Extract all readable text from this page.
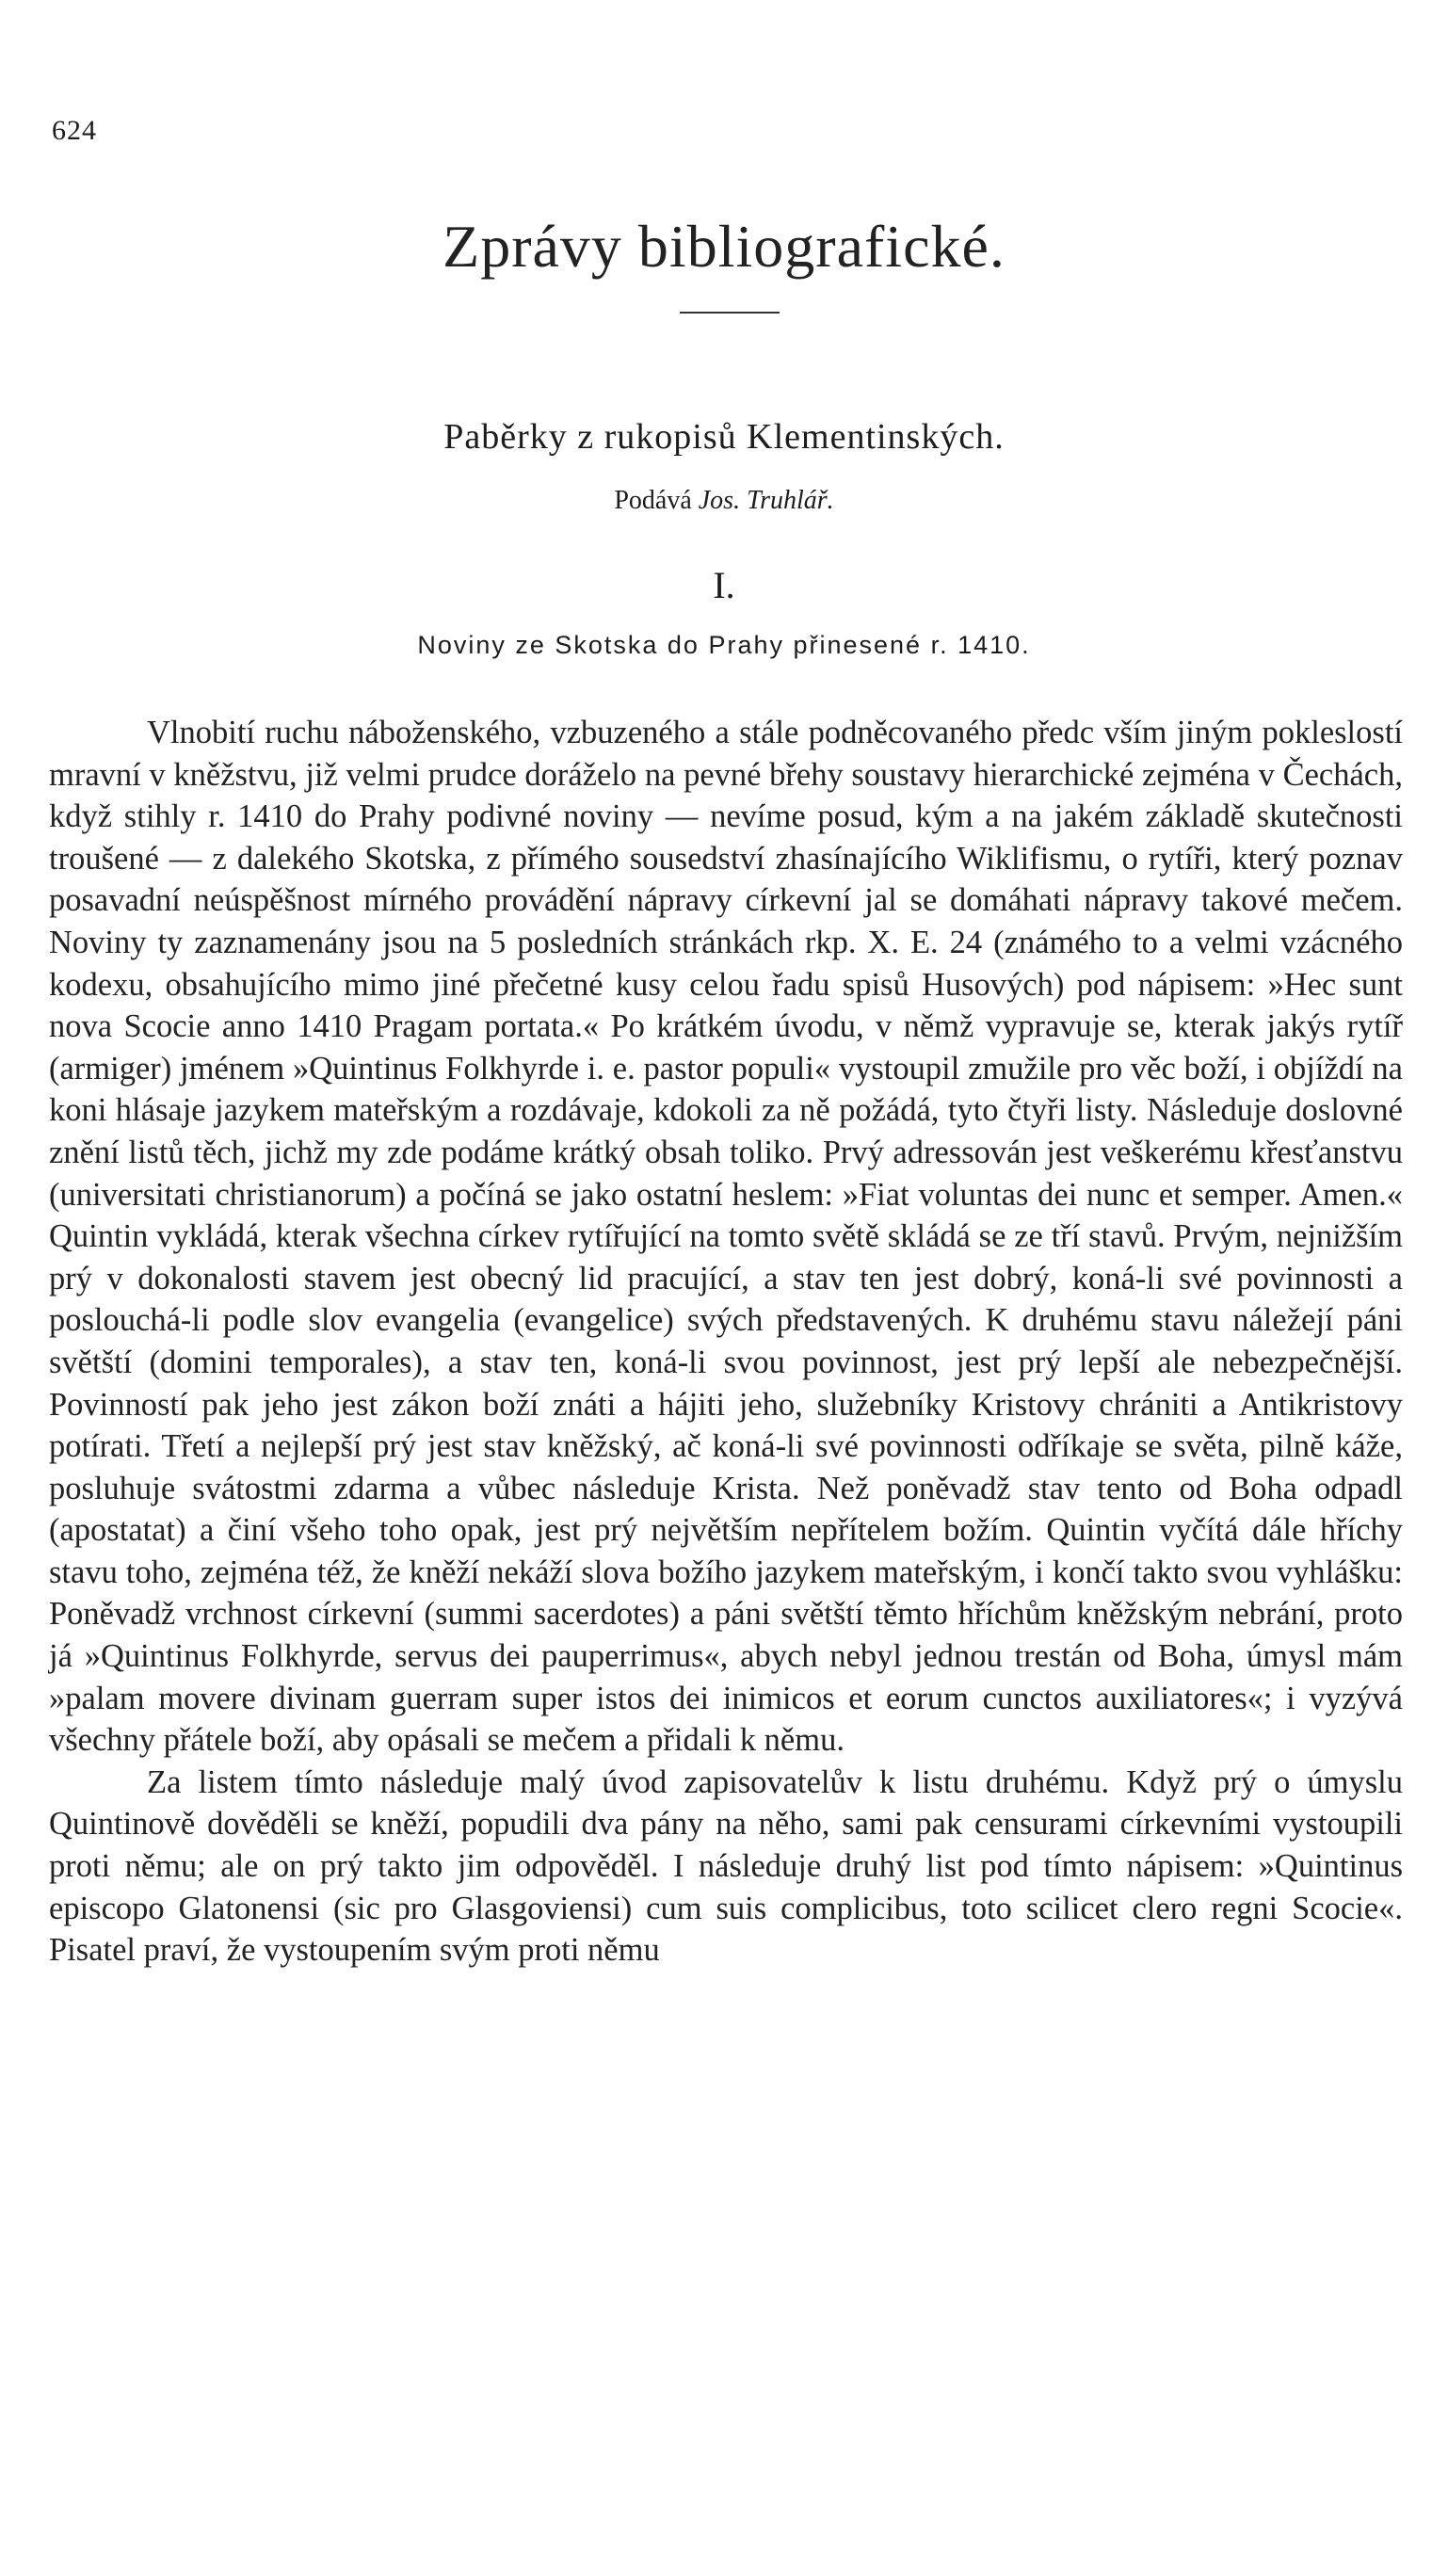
624
Zprávy bibliografické.
Paběrky z rukopisů Klementinských.
Podává Jos. Truhlář.
I.
Noviny ze Skotska do Prahy přinesené r. 1410.

Vlnobití ruchu náboženského, vzbuzeného a stále podněcovaného předc vším jiným pokleslostí mravní v kněžstvu, již velmi prudce doráželo na pevné břehy soustavy hierarchické zejména v Čechách, když stihly r. 1410 do Prahy podivné noviny — nevíme posud, kým a na jakém základě skutečnosti troušené — z dalekého Skotska, z přímého sousedství zhasínajícího Wiklifismu, o rytíři, který poznav posavadní neúspěšnost mírného provádění nápravy církevní jal se domáhati nápravy takové mečem. Noviny ty zaznamenány jsou na 5 posledních stránkách rkp. X. E. 24 (známého to a velmi vzácného kodexu, obsahujícího mimo jiné přečetné kusy celou řadu spisů Husových) pod nápisem: »Hec sunt nova Scocie anno 1410 Pragam portata.« Po krátkém úvodu, v němž vypravuje se, kterak jakýs rytíř (armiger) jménem »Quintinus Folkhyrde i. e. pastor populi« vystoupil zmužile pro věc boží, i objíždí na koni hlásaje jazykem mateřským a rozdávaje, kdokoli za ně požádá, tyto čtyři listy. Následuje doslovné znění listů těch, jichž my zde podáme krátký obsah toliko. Prvý adressován jest veškerému křesťanstvu (universitati christianorum) a počíná se jako ostatní heslem: »Fiat voluntas dei nunc et semper. Amen.« Quintin vykládá, kterak všechna církev rytířující na tomto světě skládá se ze tří stavů. Prvým, nejnižším prý v dokonalosti stavem jest obecný lid pracující, a stav ten jest dobrý, koná-li své povinnosti a poslouchá-li podle slov evangelia (evangelice) svých představených. K druhému stavu náležejí páni světští (domini temporales), a stav ten, koná-li svou povinnost, jest prý lepší ale nebezpečnější. Povinností pak jeho jest zákon boží znáti a hájiti jeho, služebníky Kristovy chrániti a Antikristovy potírati. Třetí a nejlepší prý jest stav kněžský, ač koná-li své povinnosti odříkaje se světa, pilně káže, posluhuje svátostmi zdarma a vůbec následuje Krista. Než poněvadž stav tento od Boha odpadl (apostatat) a činí všeho toho opak, jest prý největším nepřítelem božím. Quintin vyčítá dále hříchy stavu toho, zejména též, že kněží nekáží slova božího jazykem mateřským, i končí takto svou vyhlášku: Poněvadž vrchnost církevní (summi sacerdotes) a páni světští těmto hříchům kněžským nebrání, proto já »Quintinus Folkhyrde, servus dei pauperrimus«, abych nebyl jednou trestán od Boha, úmysl mám »palam movere divinam guerram super istos dei inimicos et eorum cunctos auxiliatores«; i vyzývá všechny přátele boží, aby opásali se mečem a přidali k němu.

Za listem tímto následuje malý úvod zapisovatelův k listu druhému. Když prý o úmyslu Quintinově dověděli se kněží, popudili dva pány na něho, sami pak censurami církevními vystoupili proti němu; ale on prý takto jim odpověděl. I následuje druhý list pod tímto nápisem: »Quintinus episcopo Glatonensi (sic pro Glasgoviensi) cum suis complicibus, toto scilicet clero regni Scocie«. Pisatel praví, že vystoupením svým proti němu
